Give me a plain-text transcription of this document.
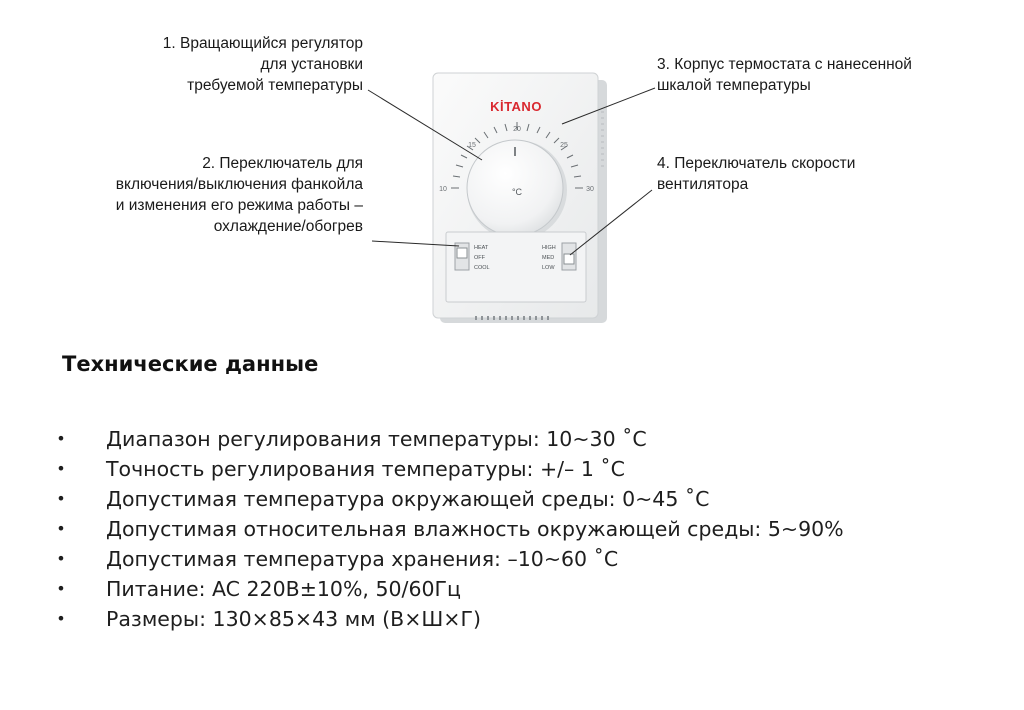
1. Вращающийся регулятор
для установки
требуемой температуры
2. Переключатель для
включения/выключения фанкойла
и изменения его режима работы –
охлаждение/обогрев
3. Корпус термостата с нанесенной
шкалой температуры
4. Переключатель скорости
вентилятора
KİTANO
10
15
20
25
30
°C
HEAT
OFF
COOL
HIGH
MED
LOW
Технические данные
• Диапазон регулирования температуры: 10~30 ˚С
• Точность регулирования температуры: +/– 1 ˚С
• Допустимая температура окружающей среды: 0~45 ˚С
• Допустимая относительная влажность окружающей среды: 5~90%
• Допустимая температура хранения: –10~60 ˚С
• Питание: AC 220В±10%, 50/60Гц
• Размеры: 130×85×43 мм (В×Ш×Г)
